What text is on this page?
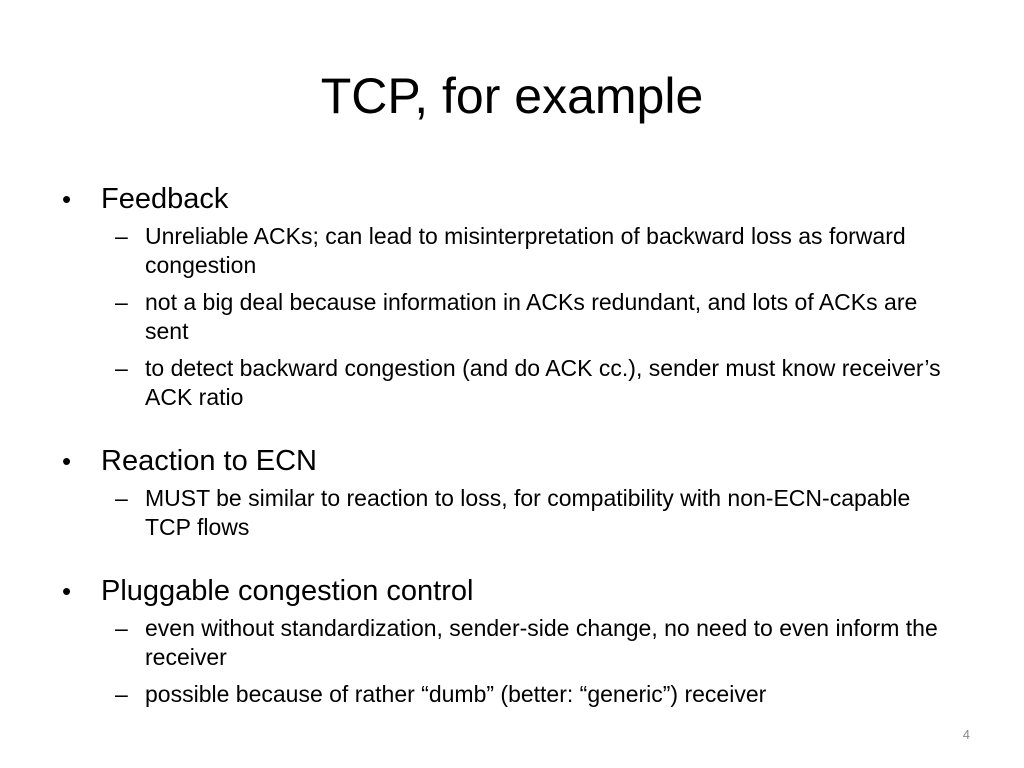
TCP, for example
• Feedback
– Unreliable ACKs; can lead to misinterpretation of backward loss as forward congestion
– not a big deal because information in ACKs redundant, and lots of ACKs are sent
– to detect backward congestion (and do ACK cc.), sender must know receiver’s ACK ratio
• Reaction to ECN
– MUST be similar to reaction to loss, for compatibility with non-ECN-capable TCP flows
• Pluggable congestion control
– even without standardization, sender-side change, no need to even inform the receiver
– possible because of rather “dumb” (better: “generic”) receiver
4
